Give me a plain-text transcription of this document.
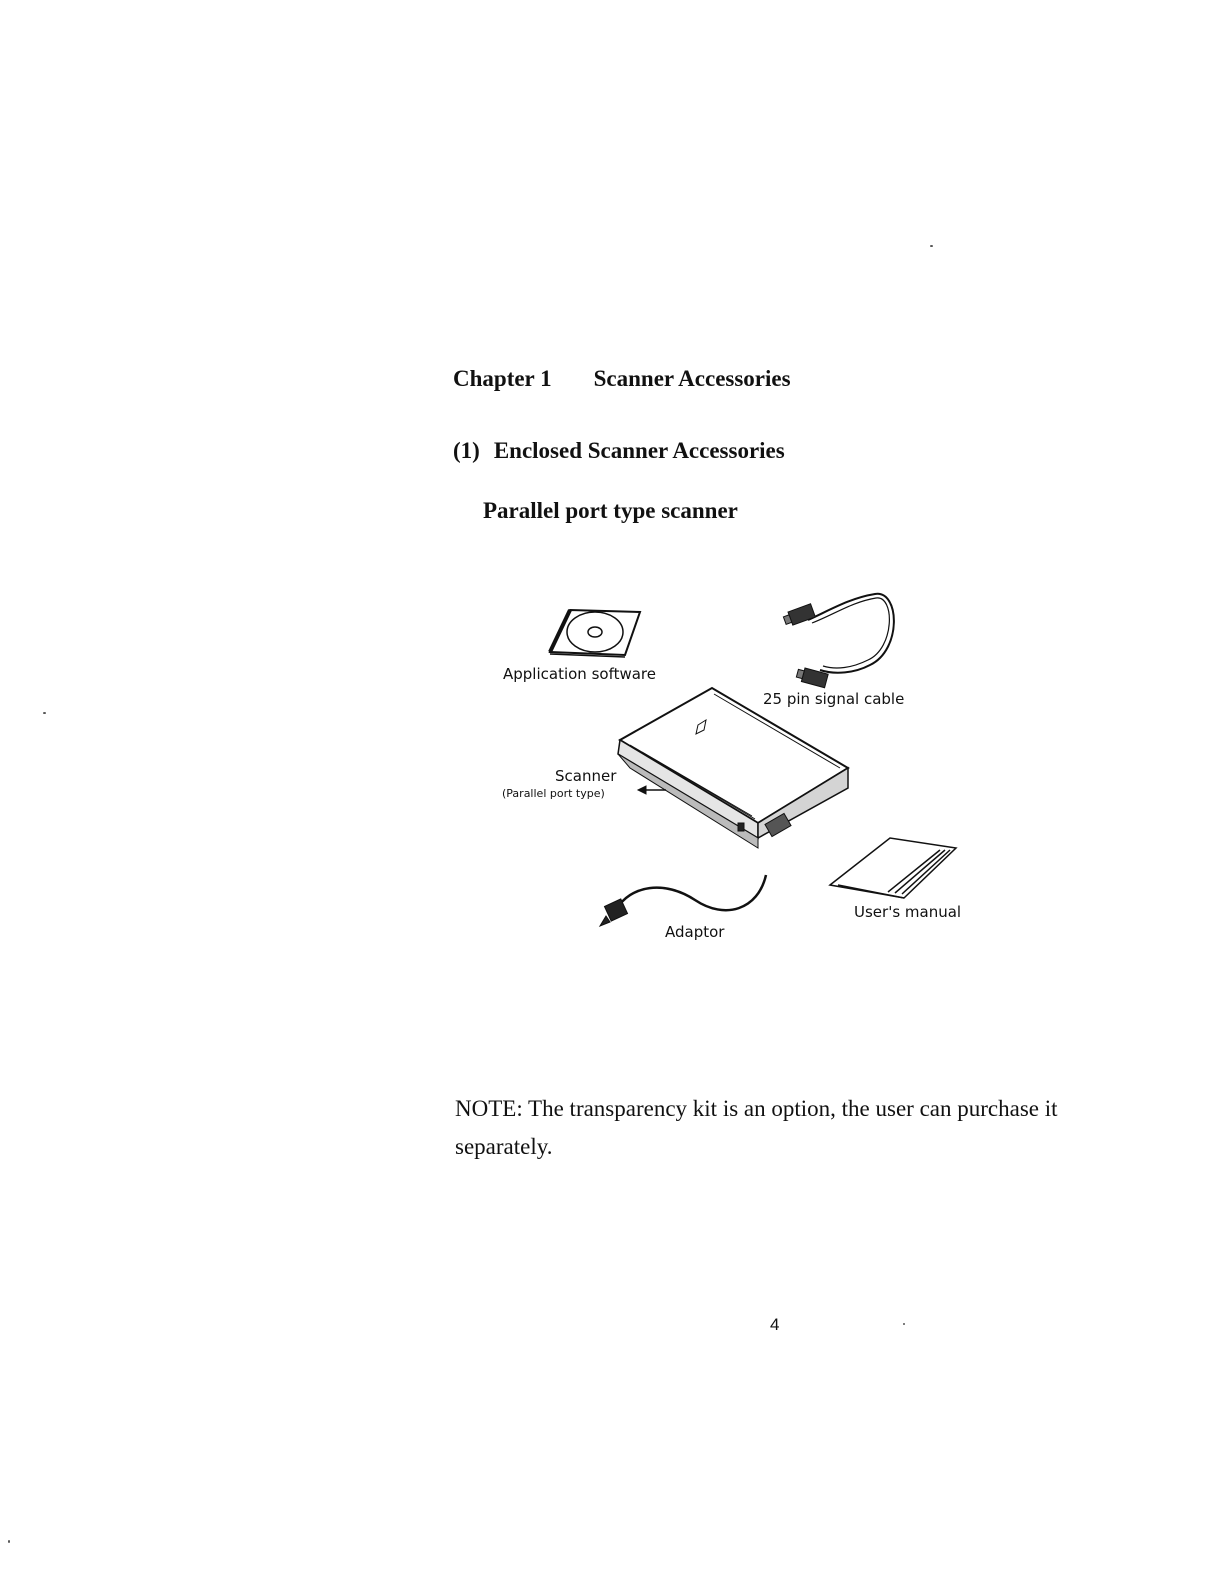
Chapter 1 Scanner Accessories
(1) Enclosed Scanner Accessories
Parallel port type scanner
Application software
25 pin signal cable
Scanner
(Parallel port type)
User's manual
Adaptor
NOTE: The transparency kit is an option, the user can purchase it separately.
4
